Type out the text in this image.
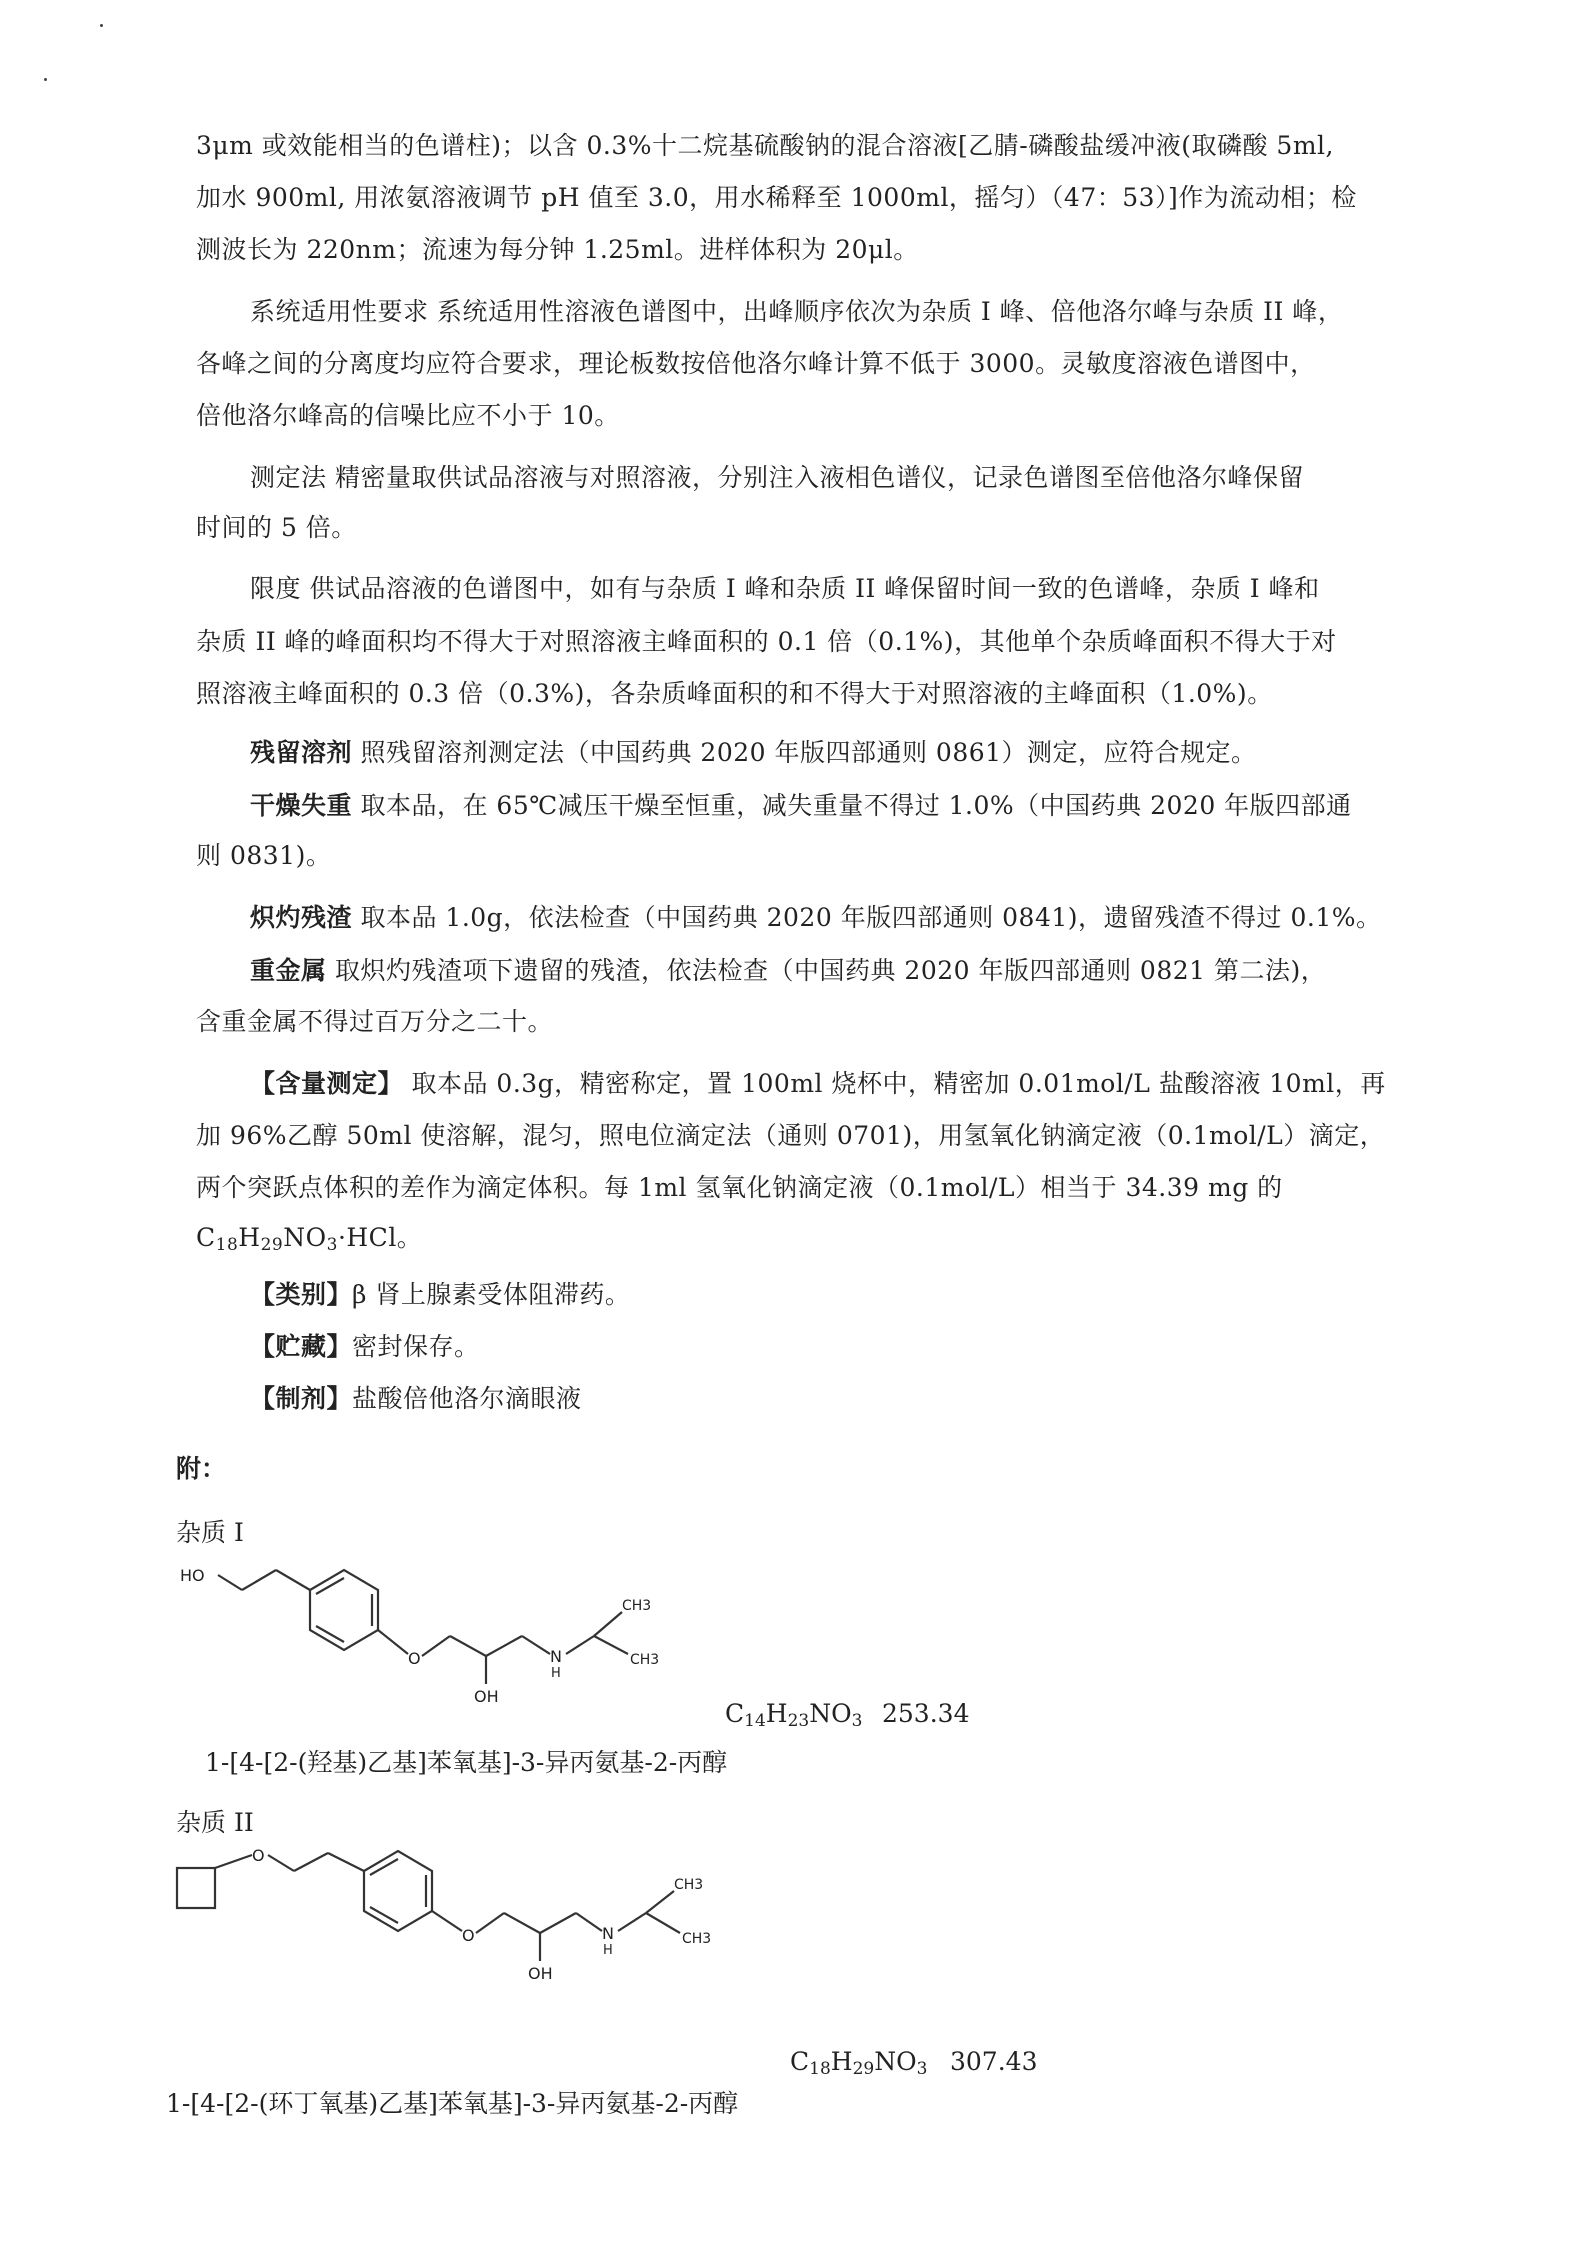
3μm 或效能相当的色谱柱)；以含 0.3%十二烷基硫酸钠的混合溶液[乙腈-磷酸盐缓冲液(取磷酸 5ml,
加水 900ml, 用浓氨溶液调节 pH 值至 3.0，用水稀释至 1000ml，摇匀）（47：53）]作为流动相；检
测波长为 220nm；流速为每分钟 1.25ml。进样体积为 20μl。
系统适用性要求 系统适用性溶液色谱图中，出峰顺序依次为杂质 I 峰、倍他洛尔峰与杂质 II 峰，
各峰之间的分离度均应符合要求，理论板数按倍他洛尔峰计算不低于 3000。灵敏度溶液色谱图中，
倍他洛尔峰高的信噪比应不小于 10。
测定法 精密量取供试品溶液与对照溶液，分别注入液相色谱仪，记录色谱图至倍他洛尔峰保留
时间的 5 倍。
限度 供试品溶液的色谱图中，如有与杂质 I 峰和杂质 II 峰保留时间一致的色谱峰，杂质 I 峰和
杂质 II 峰的峰面积均不得大于对照溶液主峰面积的 0.1 倍（0.1%)，其他单个杂质峰面积不得大于对
照溶液主峰面积的 0.3 倍（0.3%)，各杂质峰面积的和不得大于对照溶液的主峰面积（1.0%)。
残留溶剂 照残留溶剂测定法（中国药典 2020 年版四部通则 0861）测定，应符合规定。
干燥失重 取本品，在 65℃减压干燥至恒重，减失重量不得过 1.0%（中国药典 2020 年版四部通
则 0831)。
炽灼残渣 取本品 1.0g，依法检查（中国药典 2020 年版四部通则 0841)，遗留残渣不得过 0.1%。
重金属 取炽灼残渣项下遗留的残渣，依法检查（中国药典 2020 年版四部通则 0821 第二法)，
含重金属不得过百万分之二十。
【含量测定】 取本品 0.3g，精密称定，置 100ml 烧杯中，精密加 0.01mol/L 盐酸溶液 10ml，再
加 96%乙醇 50ml 使溶解，混匀，照电位滴定法（通则 0701)，用氢氧化钠滴定液（0.1mol/L）滴定，
两个突跃点体积的差作为滴定体积。每 1ml 氢氧化钠滴定液（0.1mol/L）相当于 34.39 mg 的
$C_{18}H_{29}NO_3\cdot HCl$。
【类别】β 肾上腺素受体阻滞药。
【贮藏】密封保存。
【制剂】盐酸倍他洛尔滴眼液
附：
杂质 I
HO
O
OH
N
H
CH3
CH3
$C_{14}H_{23}NO_3$ 253.34
1-[4-[2-(羟基)乙基]苯氧基]-3-异丙氨基-2-丙醇
杂质 II
O
O
OH
N
H
CH3
CH3
$C_{18}H_{29}NO_3$ 307.43
1-[4-[2-(环丁氧基)乙基]苯氧基]-3-异丙氨基-2-丙醇
